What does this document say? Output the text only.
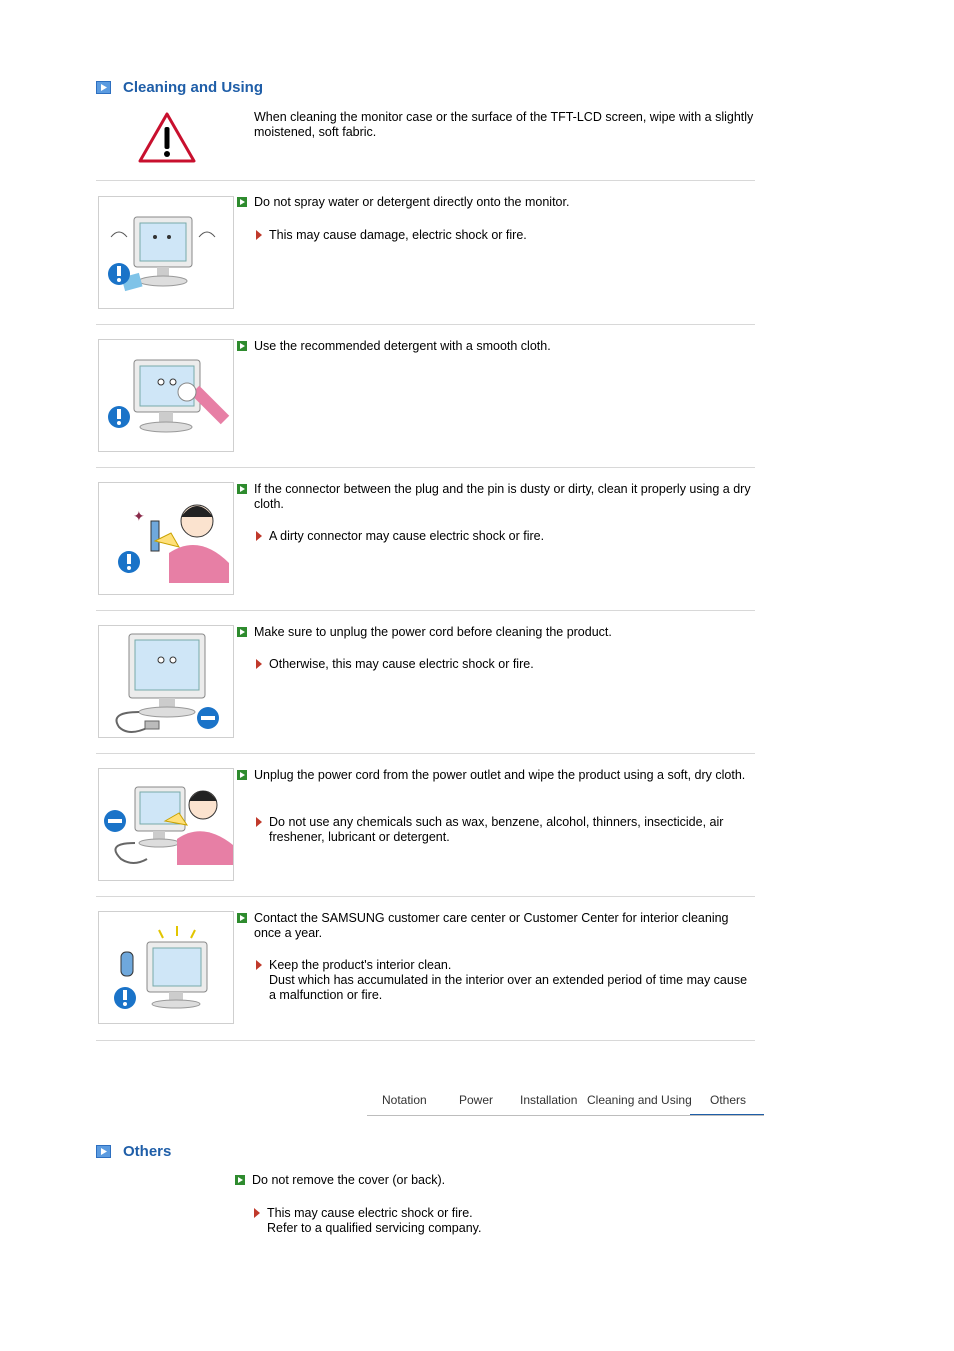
Cleaning and Using
When cleaning the monitor case or the surface of the TFT-LCD screen, wipe with a slightly moistened, soft fabric.
Do not spray water or detergent directly onto the monitor.
This may cause damage, electric shock or fire.
Use the recommended detergent with a smooth cloth.
✦
If the connector between the plug and the pin is dusty or dirty, clean it properly using a dry cloth.
A dirty connector may cause electric shock or fire.
Make sure to unplug the power cord before cleaning the product.
Otherwise, this may cause electric shock or fire.
Unplug the power cord from the power outlet and wipe the product using a soft, dry cloth.
Do not use any chemicals such as wax, benzene, alcohol, thinners, insecticide, air freshener, lubricant or detergent.
Contact the SAMSUNG customer care center or Customer Center for interior cleaning once a year.
Keep the product's interior clean.
Dust which has accumulated in the interior over an extended period of time may cause a malfunction or fire.
Notation	Power Installation Cleaning and Using Others
Others
Do not remove the cover (or back).
This may cause electric shock or fire.
Refer to a qualified servicing company.
